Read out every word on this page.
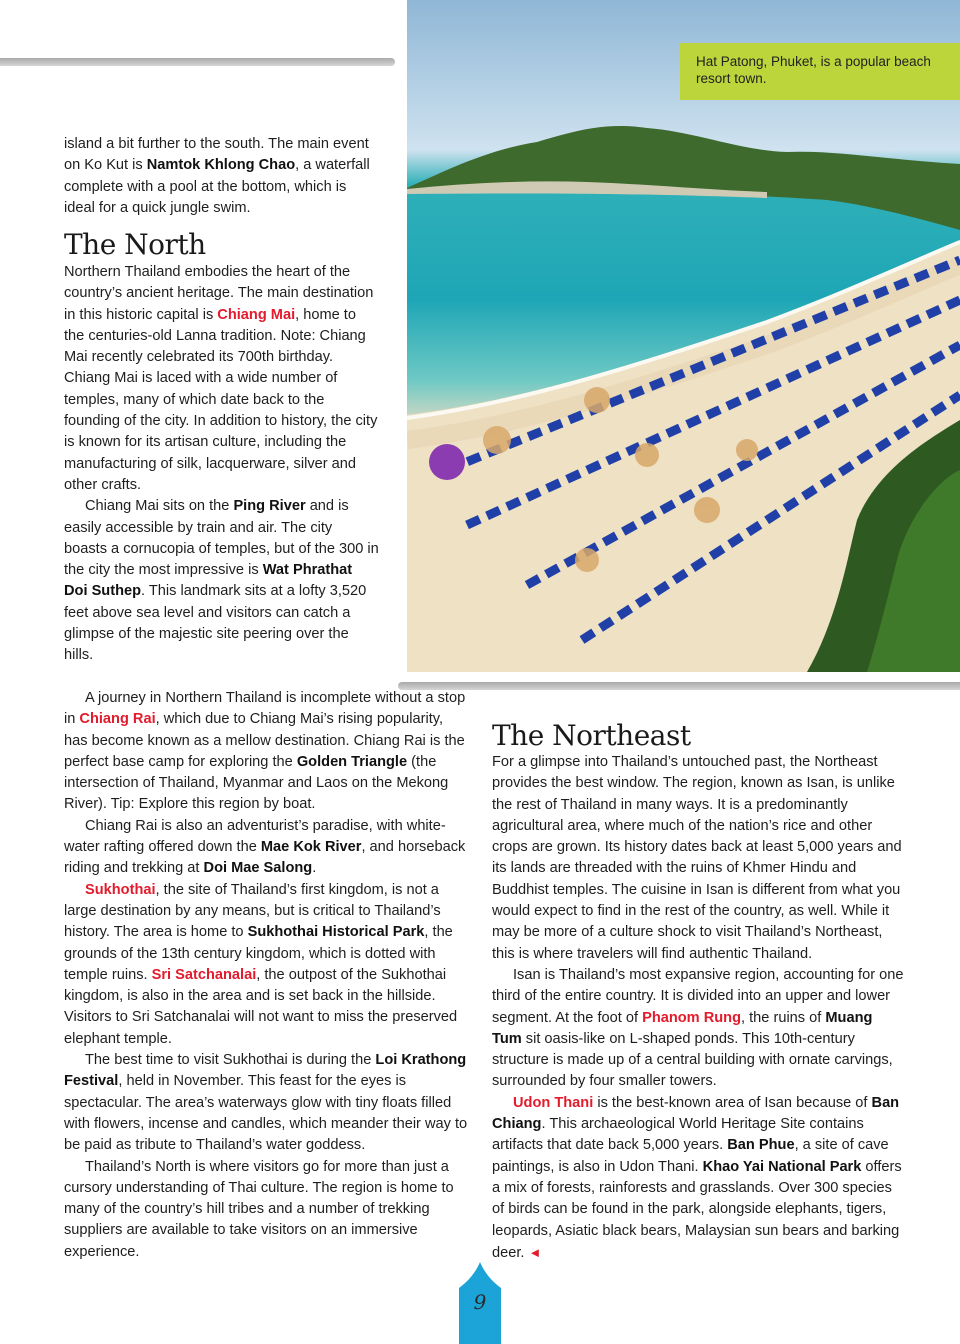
Hat Patong, Phuket, is a popular beach resort town.

island a bit further to the south. The main event on Ko Kut is Namtok Khlong Chao, a waterfall complete with a pool at the bottom, which is ideal for a quick jungle swim.

The North

Northern Thailand embodies the heart of the country’s ancient heritage. The main destination in this historic capital is Chiang Mai, home to the centuries-old Lanna tradition. Note: Chiang Mai recently celebrated its 700th birthday. Chiang Mai is laced with a wide number of temples, many of which date back to the founding of the city. In addition to history, the city is known for its artisan culture, including the manufacturing of silk, lacquerware, silver and other crafts.

Chiang Mai sits on the Ping River and is easily accessible by train and air. The city boasts a cornucopia of temples, but of the 300 in the city the most impressive is Wat Phrathat Doi Suthep. This landmark sits at a lofty 3,520 feet above sea level and visitors can catch a glimpse of the majestic site peering over the hills.

A journey in Northern Thailand is incomplete without a stop in Chiang Rai, which due to Chiang Mai’s rising popularity, has become known as a mellow destination. Chiang Rai is the perfect base camp for exploring the Golden Triangle (the intersection of Thailand, Myanmar and Laos on the Mekong River). Tip: Explore this region by boat.

Chiang Rai is also an adventurist’s paradise, with white-water rafting offered down the Mae Kok River, and horseback riding and trekking at Doi Mae Salong.

Sukhothai, the site of Thailand’s first kingdom, is not a large destination by any means, but is critical to Thailand’s history. The area is home to Sukhothai Historical Park, the grounds of the 13th century kingdom, which is dotted with temple ruins. Sri Satchanalai, the outpost of the Sukhothai kingdom, is also in the area and is set back in the hillside. Visitors to Sri Satchanalai will not want to miss the preserved elephant temple.

The best time to visit Sukhothai is during the Loi Krathong Festival, held in November. This feast for the eyes is spectacular. The area’s waterways glow with tiny floats filled with flowers, incense and candles, which meander their way to be paid as tribute to Thailand’s water goddess.

Thailand’s North is where visitors go for more than just a cursory understanding of Thai culture. The region is home to many of the country’s hill tribes and a number of trekking suppliers are available to take visitors on an immersive experience.

The Northeast

For a glimpse into Thailand’s untouched past, the Northeast provides the best window. The region, known as Isan, is unlike the rest of Thailand in many ways. It is a predominantly agricultural area, where much of the nation’s rice and other crops are grown. Its history dates back at least 5,000 years and its lands are threaded with the ruins of Khmer Hindu and Buddhist temples. The cuisine in Isan is different from what you would expect to find in the rest of the country, as well. While it may be more of a culture shock to visit Thailand’s Northeast, this is where travelers will find authentic Thailand.

Isan is Thailand’s most expansive region, accounting for one third of the entire country. It is divided into an upper and lower segment. At the foot of Phanom Rung, the ruins of Muang Tum sit oasis-like on L-shaped ponds. This 10th-century structure is made up of a central building with ornate carvings, surrounded by four smaller towers.

Udon Thani is the best-known area of Isan because of Ban Chiang. This archaeological World Heritage Site contains artifacts that date back 5,000 years. Ban Phue, a site of cave paintings, is also in Udon Thani. Khao Yai National Park offers a mix of forests, rainforests and grasslands. Over 300 species of birds can be found in the park, alongside elephants, tigers, leopards, Asiatic black bears, Malaysian sun bears and barking deer. ◄

9
